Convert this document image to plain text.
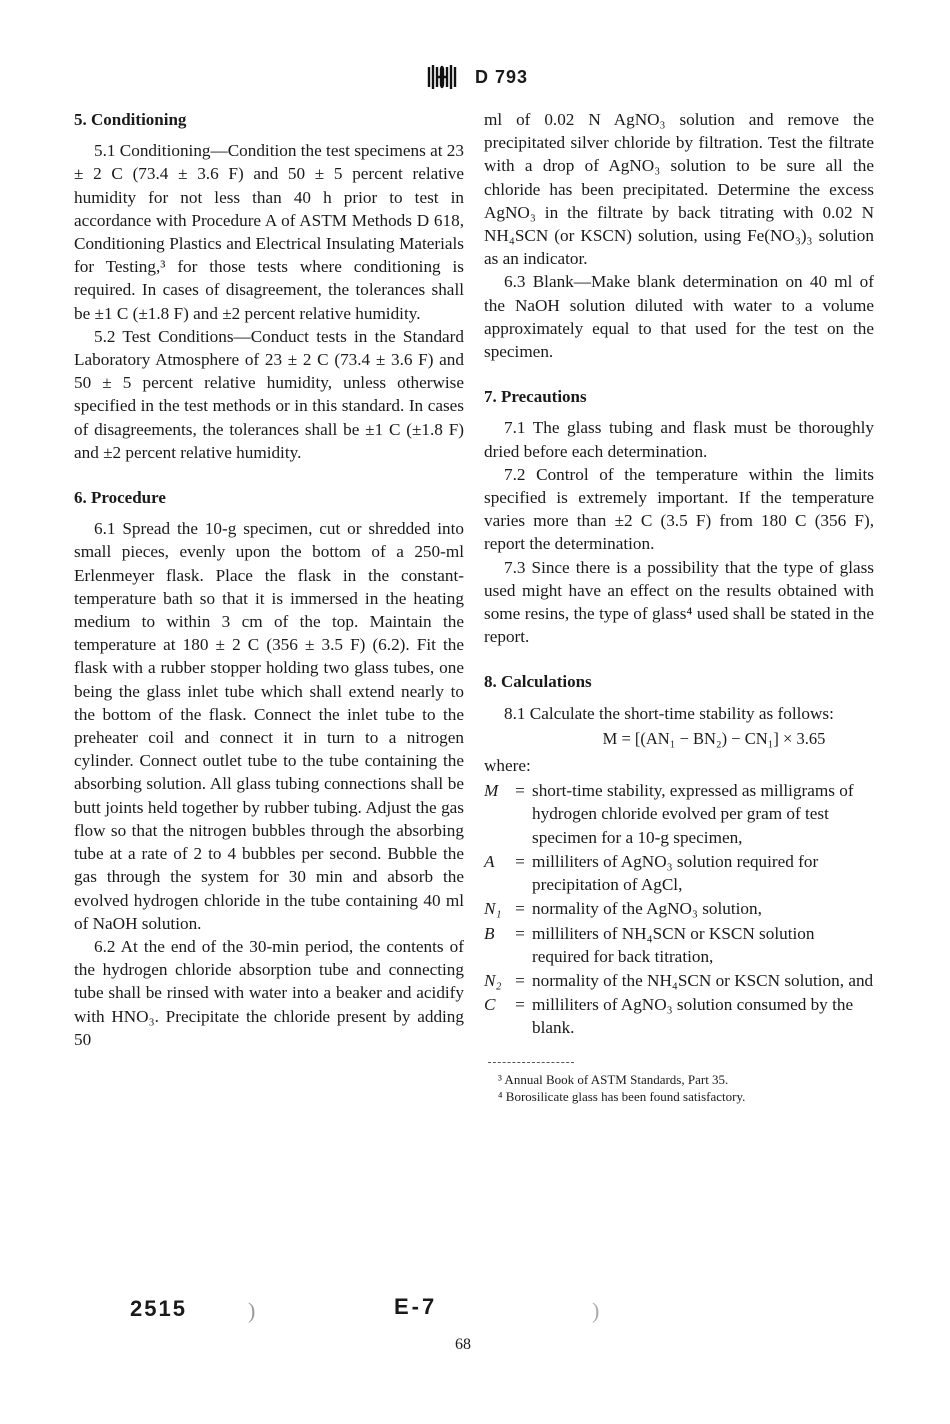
D 793
5. Conditioning

5.1 Conditioning—Condition the test specimens at 23 ± 2 C (73.4 ± 3.6 F) and 50 ± 5 percent relative humidity for not less than 40 h prior to test in accordance with Procedure A of ASTM Methods D 618, Conditioning Plastics and Electrical Insulating Materials for Testing,³ for those tests where conditioning is required. In cases of disagreement, the tolerances shall be ±1 C (±1.8 F) and ±2 percent relative humidity.

5.2 Test Conditions—Conduct tests in the Standard Laboratory Atmosphere of 23 ± 2 C (73.4 ± 3.6 F) and 50 ± 5 percent relative humidity, unless otherwise specified in the test methods or in this standard. In cases of disagreements, the tolerances shall be ±1 C (±1.8 F) and ±2 percent relative humidity.

6. Procedure

6.1 Spread the 10-g specimen, cut or shredded into small pieces, evenly upon the bottom of a 250-ml Erlenmeyer flask. Place the flask in the constant-temperature bath so that it is immersed in the heating medium to within 3 cm of the top. Maintain the temperature at 180 ± 2 C (356 ± 3.5 F) (6.2). Fit the flask with a rubber stopper holding two glass tubes, one being the glass inlet tube which shall extend nearly to the bottom of the flask. Connect the inlet tube to the preheater coil and connect it in turn to a nitrogen cylinder. Connect outlet tube to the tube containing the absorbing solution. All glass tubing connections shall be butt joints held together by rubber tubing. Adjust the gas flow so that the nitrogen bubbles through the absorbing tube at a rate of 2 to 4 bubbles per second. Bubble the gas through the system for 30 min and absorb the evolved hydrogen chloride in the tube containing 40 ml of NaOH solution.

6.2 At the end of the 30-min period, the contents of the hydrogen chloride absorption tube and connecting tube shall be rinsed with water into a beaker and acidify with HNO₃. Precipitate the chloride present by adding 50

ml of 0.02 N AgNO₃ solution and remove the precipitated silver chloride by filtration. Test the filtrate with a drop of AgNO₃ solution to be sure all the chloride has been precipitated. Determine the excess AgNO₃ in the filtrate by back titrating with 0.02 N NH₄SCN (or KSCN) solution, using Fe(NO₃)₃ solution as an indicator.

6.3 Blank—Make blank determination on 40 ml of the NaOH solution diluted with water to a volume approximately equal to that used for the test on the specimen.

7. Precautions

7.1 The glass tubing and flask must be thoroughly dried before each determination.

7.2 Control of the temperature within the limits specified is extremely important. If the temperature varies more than ±2 C (3.5 F) from 180 C (356 F), report the determination.

7.3 Since there is a possibility that the type of glass used might have an effect on the results obtained with some resins, the type of glass⁴ used shall be stated in the report.

8. Calculations

8.1 Calculate the short-time stability as follows:

M = [(AN₁ − BN₂) − CN₁] × 3.65

where:

M = short-time stability, expressed as milligrams of hydrogen chloride evolved per gram of test specimen for a 10-g specimen,
A	= milliliters of AgNO₃ solution required for precipitation of AgCl,
N₁ = normality of the AgNO₃ solution,
B	= milliliters of NH₄SCN or KSCN solution required for back titration,
N₂ = normality of the NH₄SCN or KSCN solution, and
C	= milliliters of AgNO₃ solution consumed by the blank.
³ Annual Book of ASTM Standards, Part 35.
⁴ Borosilicate glass has been found satisfactory.
2515	)	E-7	)
68
